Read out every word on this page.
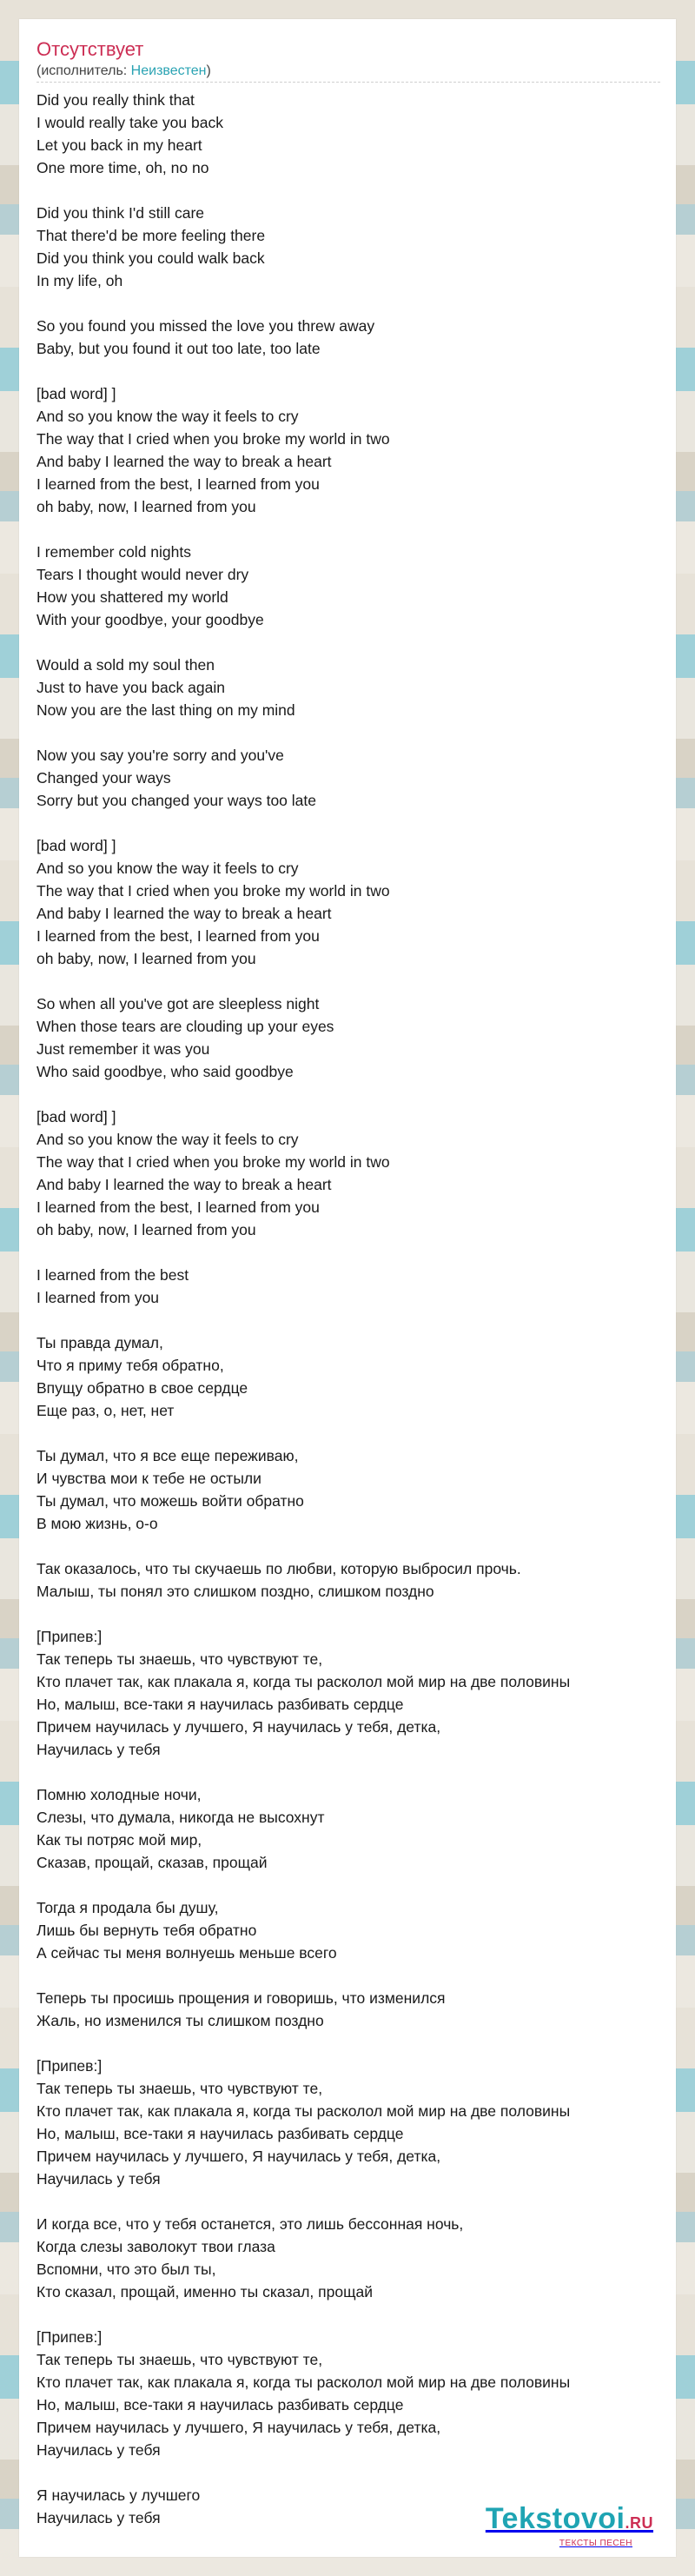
Отсутствует
(исполнитель: Неизвестен)
Did you really think that
I would really take you back
Let you back in my heart
One more time, oh, no no
Did you think I'd still care
That there'd be more feeling there
Did you think you could walk back
In my life, oh
So you found you missed the love you threw away
Baby, but you found it out too late, too late
[bad word] ]
And so you know the way it feels to cry
The way that I cried when you broke my world in two
And baby I learned the way to break a heart
I learned from the best, I learned from you
oh baby, now, I learned from you
I remember cold nights
Tears I thought would never dry
How you shattered my world
With your goodbye, your goodbye
Would a sold my soul then
Just to have you back again
Now you are the last thing on my mind
Now you say you're sorry and you've
Changed your ways
Sorry but you changed your ways too late
[bad word] ]
And so you know the way it feels to cry
The way that I cried when you broke my world in two
And baby I learned the way to break a heart
I learned from the best, I learned from you
oh baby, now, I learned from you
So when all you've got are sleepless night
When those tears are clouding up your eyes
Just remember it was you
Who said goodbye, who said goodbye
[bad word] ]
And so you know the way it feels to cry
The way that I cried when you broke my world in two
And baby I learned the way to break a heart
I learned from the best, I learned from you
oh baby, now, I learned from you
I learned from the best
I learned from you
Ты правда думал,
Что я приму тебя обратно,
Впущу обратно в свое сердце
Еще раз, о, нет, нет
Ты думал, что я все еще переживаю,
И чувства мои к тебе не остыли
Ты думал, что можешь войти обратно
В мою жизнь, о-о
Так оказалось, что ты скучаешь по любви, которую выбросил прочь.
Малыш, ты понял это слишком поздно, слишком поздно
[Припев:]
Так теперь ты знаешь, что чувствуют те,
Кто плачет так, как плакала я, когда ты расколол мой мир на две половины
Но, малыш, все-таки я научилась разбивать сердце
Причем научилась у лучшего, Я научилась у тебя, детка,
Научилась у тебя
Помню холодные ночи,
Слезы, что думала, никогда не высохнут
Как ты потряс мой мир,
Сказав, прощай, сказав, прощай
Тогда я продала бы душу,
Лишь бы вернуть тебя обратно
А сейчас ты меня волнуешь меньше всего
Теперь ты просишь прощения и говоришь, что изменился
Жаль, но изменился ты слишком поздно
[Припев:]
Так теперь ты знаешь, что чувствуют те,
Кто плачет так, как плакала я, когда ты расколол мой мир на две половины
Но, малыш, все-таки я научилась разбивать сердце
Причем научилась у лучшего, Я научилась у тебя, детка,
Научилась у тебя
И когда все, что у тебя останется, это лишь бессонная ночь,
Когда слезы заволокут твои глаза
Вспомни, что это был ты,
Кто сказал, прощай, именно ты сказал, прощай
[Припев:]
Так теперь ты знаешь, что чувствуют те,
Кто плачет так, как плакала я, когда ты расколол мой мир на две половины
Но, малыш, все-таки я научилась разбивать сердце
Причем научилась у лучшего, Я научилась у тебя, детка,
Научилась у тебя
Я научилась у лучшего
Научилась у тебя	Tekstovoi.RU
ТЕКСТЫ ПЕСЕН
